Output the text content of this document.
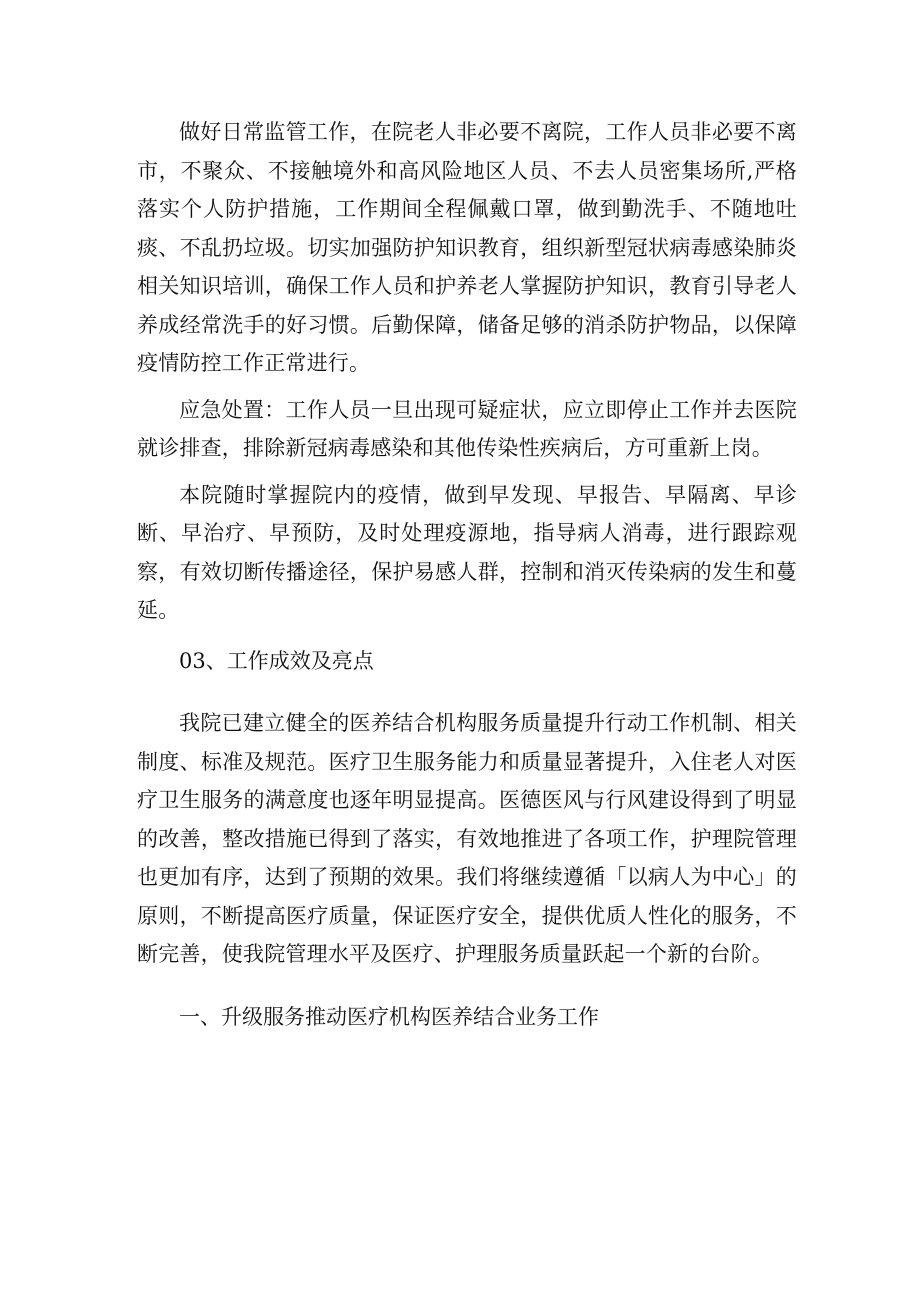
做好日常监管工作，在院老人非必要不离院，工作人员非必要不离市，不聚众、不接触境外和高风险地区人员、不去人员密集场所,严格落实个人防护措施，工作期间全程佩戴口罩，做到勤洗手、不随地吐痰、不乱扔垃圾。切实加强防护知识教育，组织新型冠状病毒感染肺炎相关知识培训，确保工作人员和护养老人掌握防护知识，教育引导老人养成经常洗手的好习惯。后勤保障，储备足够的消杀防护物品，以保障疫情防控工作正常进行。

应急处置：工作人员一旦出现可疑症状，应立即停止工作并去医院就诊排查，排除新冠病毒感染和其他传染性疾病后，方可重新上岗。

本院随时掌握院内的疫情，做到早发现、早报告、早隔离、早诊断、早治疗、早预防，及时处理疫源地，指导病人消毒，进行跟踪观察，有效切断传播途径，保护易感人群，控制和消灭传染病的发生和蔓延。

03、工作成效及亮点

我院已建立健全的医养结合机构服务质量提升行动工作机制、相关制度、标准及规范。医疗卫生服务能力和质量显著提升，入住老人对医疗卫生服务的满意度也逐年明显提高。医德医风与行风建设得到了明显的改善，整改措施已得到了落实，有效地推进了各项工作，护理院管理也更加有序，达到了预期的效果。我们将继续遵循「以病人为中心」的原则，不断提高医疗质量，保证医疗安全，提供优质人性化的服务，不断完善，使我院管理水平及医疗、护理服务质量跃起一个新的台阶。

一、升级服务推动医疗机构医养结合业务工作
